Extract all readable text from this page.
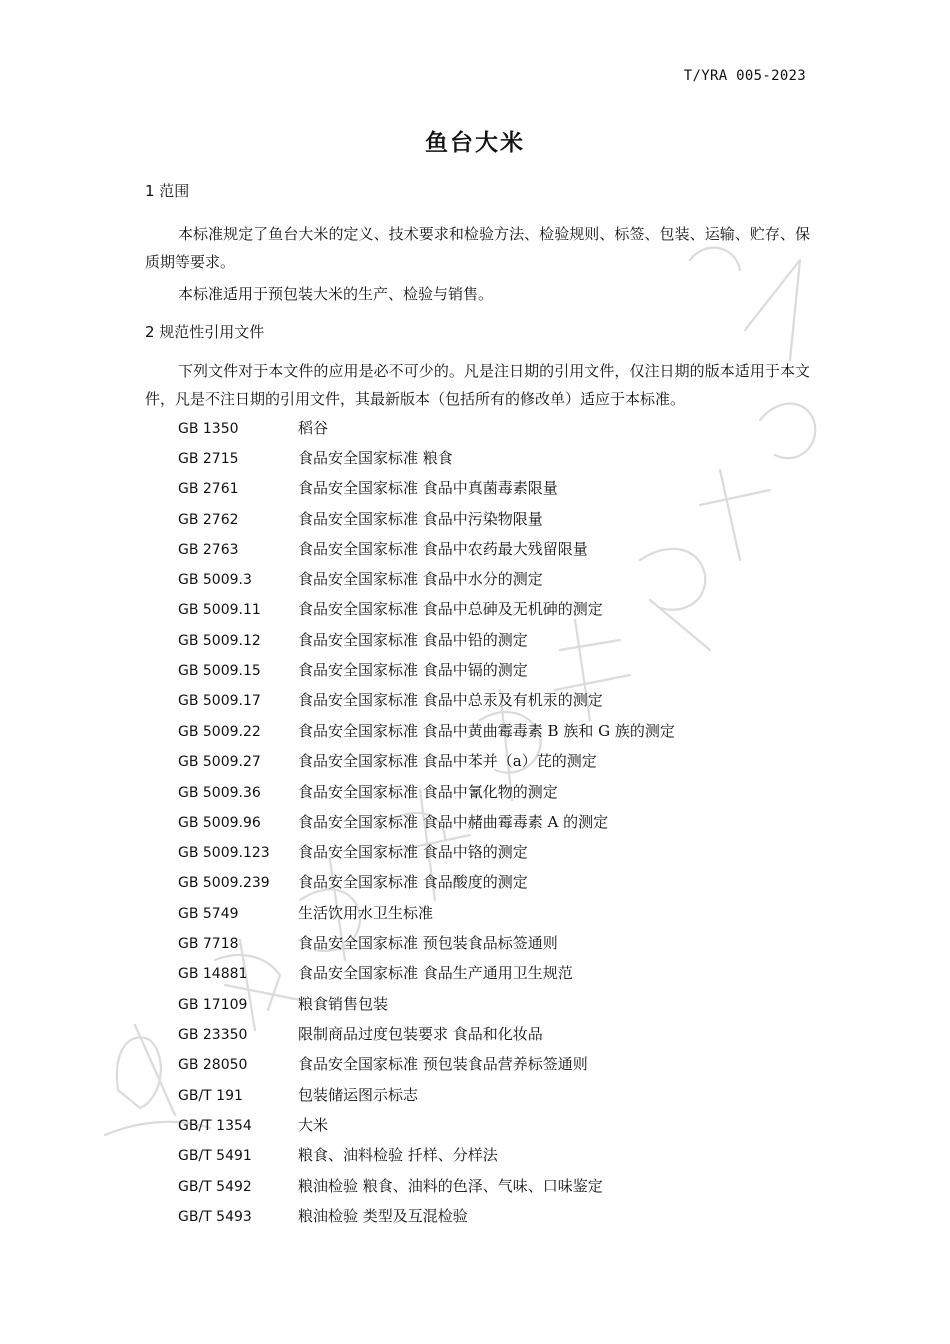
T/YRA 005-2023
鱼台大米
1 范围
本标准规定了鱼台大米的定义、技术要求和检验方法、检验规则、标签、包装、运输、贮存、保质期等要求。
本标准适用于预包装大米的生产、检验与销售。
2 规范性引用文件
下列文件对于本文件的应用是必不可少的。凡是注日期的引用文件，仅注日期的版本适用于本文件，凡是不注日期的引用文件，其最新版本（包括所有的修改单）适应于本标准。
GB 1350	稻谷
GB 2715	食品安全国家标准 粮食
GB 2761	食品安全国家标准 食品中真菌毒素限量
GB 2762	食品安全国家标准 食品中污染物限量
GB 2763	食品安全国家标准 食品中农药最大残留限量
GB 5009.3	食品安全国家标准 食品中水分的测定
GB 5009.11 食品安全国家标准 食品中总砷及无机砷的测定
GB 5009.12 食品安全国家标准 食品中铅的测定
GB 5009.15 食品安全国家标准 食品中镉的测定
GB 5009.17 食品安全国家标准 食品中总汞及有机汞的测定
GB 5009.22 食品安全国家标准 食品中黄曲霉毒素 B 族和 G 族的测定
GB 5009.27 食品安全国家标准 食品中苯并（a）芘的测定
GB 5009.36 食品安全国家标准 食品中氰化物的测定
GB 5009.96 食品安全国家标准 食品中赭曲霉毒素 A 的测定
GB 5009.123 食品安全国家标准 食品中铬的测定
GB 5009.239 食品安全国家标准 食品酸度的测定
GB 5749	生活饮用水卫生标准
GB 7718	食品安全国家标准 预包装食品标签通则
GB 14881	食品安全国家标准 食品生产通用卫生规范
GB 17109	粮食销售包装
GB 23350	限制商品过度包装要求 食品和化妆品
GB 28050	食品安全国家标准 预包装食品营养标签通则
GB/T 191	包装储运图示标志
GB/T 1354	大米
GB/T 5491	粮食、油料检验 扦样、分样法
GB/T 5492	粮油检验 粮食、油料的色泽、气味、口味鉴定
GB/T 5493	粮油检验 类型及互混检验
